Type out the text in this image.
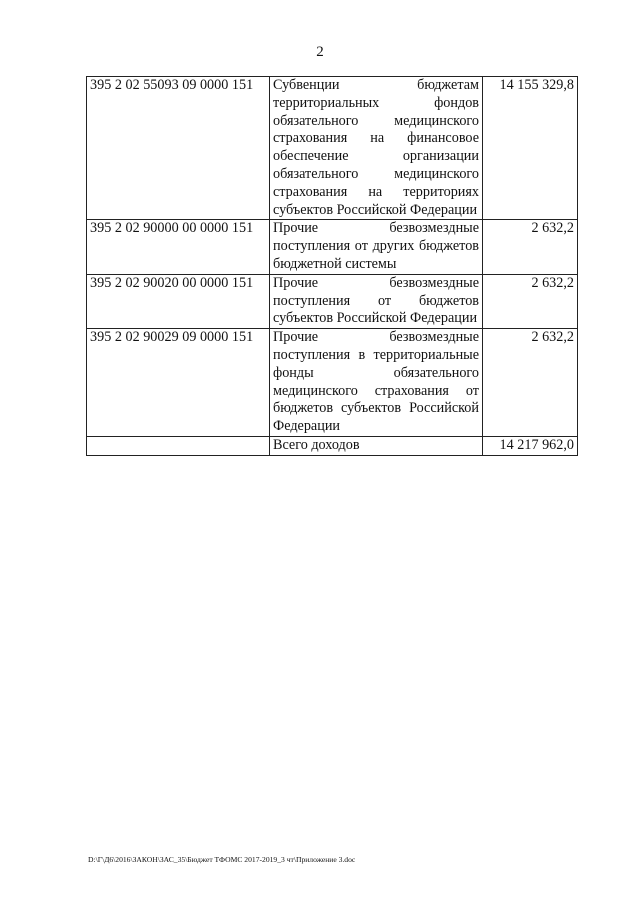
2
395 2 02 55093 09 0000 151	Субвенции бюджетам территориальных фондов обязательного медицинского страхования на финансовое обеспечение организации обязательного медицинского страхования на территориях субъектов Российской Федерации	14 155 329,8
395 2 02 90000 00 0000 151	Прочие безвозмездные поступления от других бюджетов бюджетной системы	2 632,2
395 2 02 90020 00 0000 151	Прочие безвозмездные поступления от бюджетов субъектов Российской Федерации	2 632,2
395 2 02 90029 09 0000 151	Прочие безвозмездные поступления в территориальные фонды обязательного медицинского страхования от бюджетов субъектов Российской Федерации	2 632,2
	Всего доходов	14 217 962,0
D:\Г\Д6\2016\ЗАКОН\ЗАС_35\Бюджет ТФОМС 2017-2019_3 чт\Приложение 3.doc
